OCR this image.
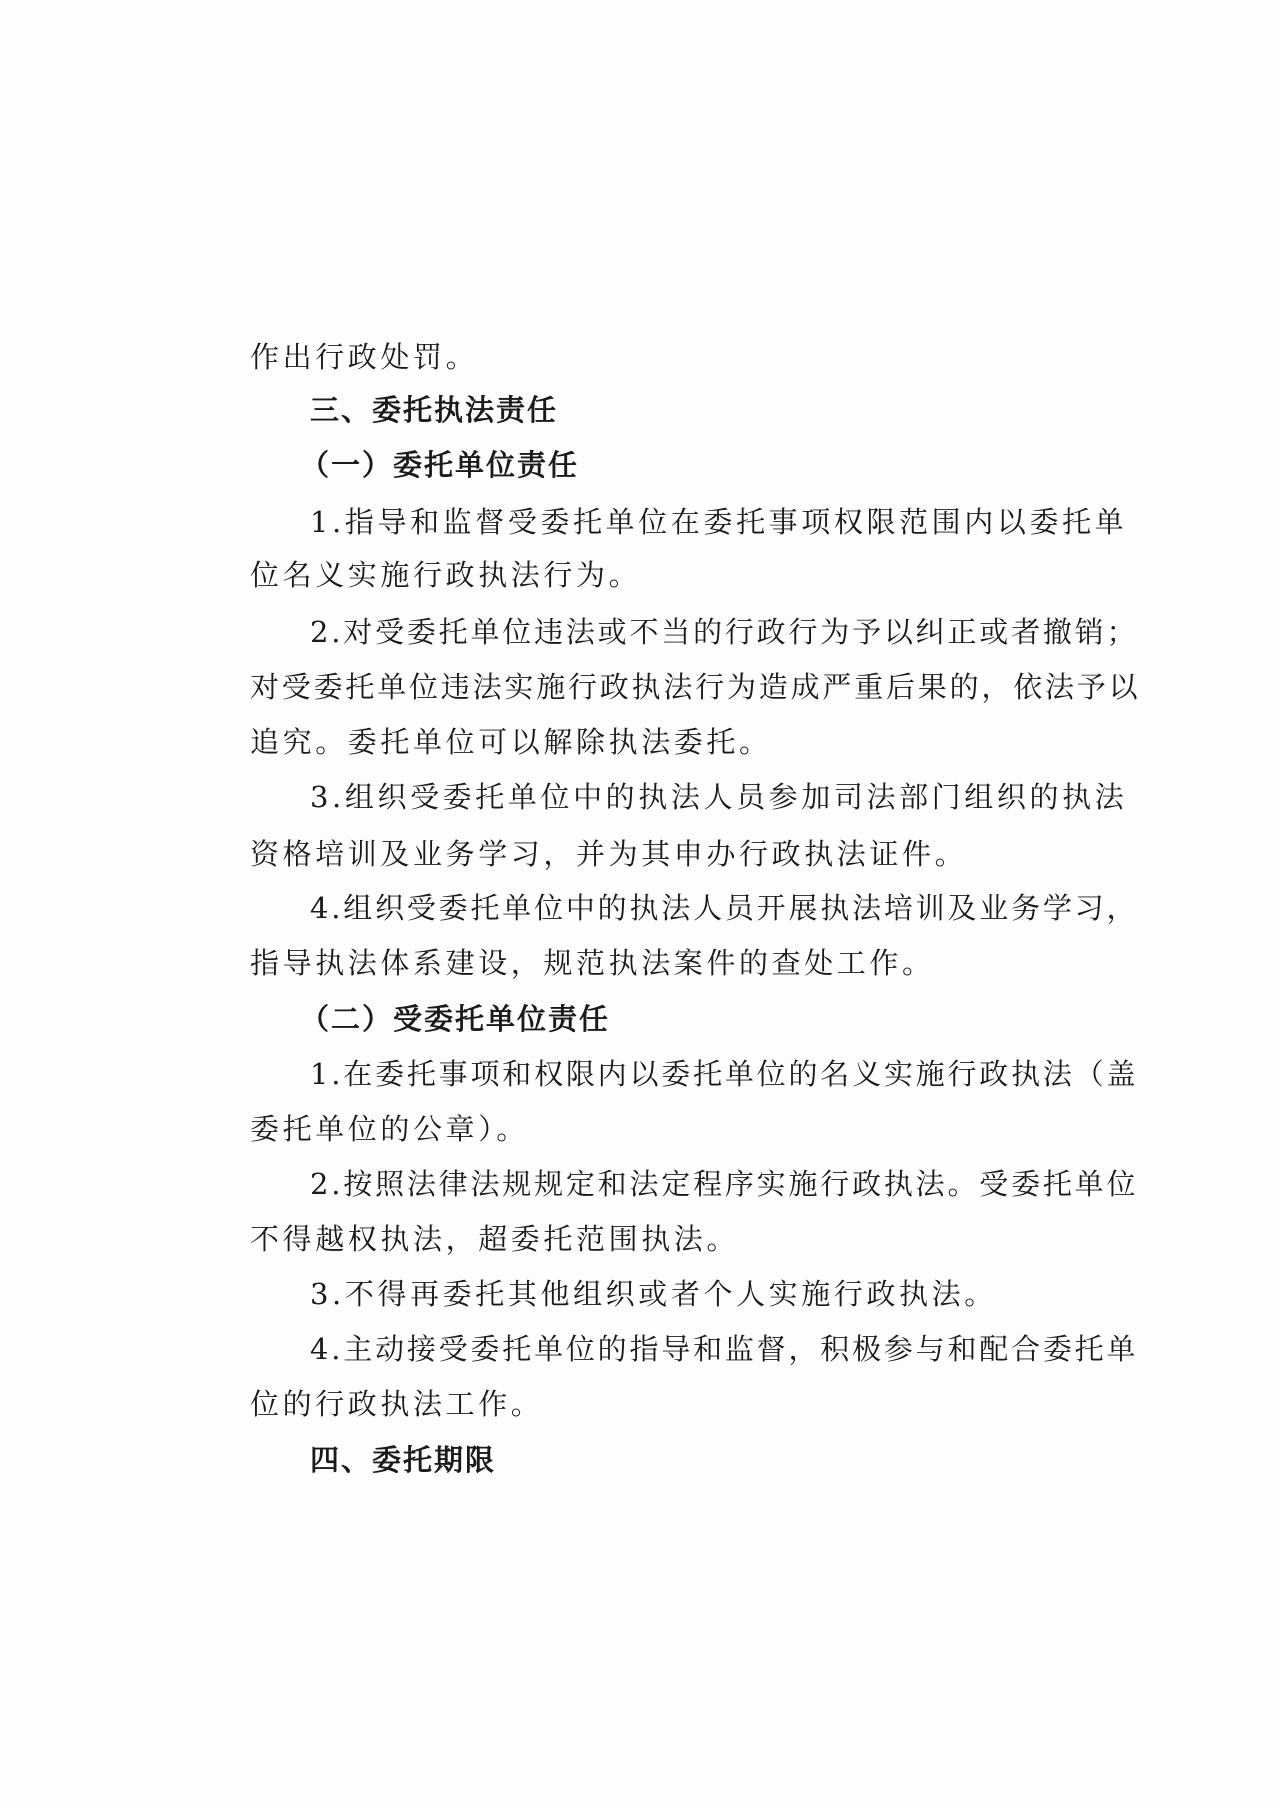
作出行政处罚。
三、委托执法责任
（一）委托单位责任
1.指导和监督受委托单位在委托事项权限范围内以委托单
位名义实施行政执法行为。
2.对受委托单位违法或不当的行政行为予以纠正或者撤销；
对受委托单位违法实施行政执法行为造成严重后果的，依法予以
追究。委托单位可以解除执法委托。
3.组织受委托单位中的执法人员参加司法部门组织的执法
资格培训及业务学习，并为其申办行政执法证件。
4.组织受委托单位中的执法人员开展执法培训及业务学习，
指导执法体系建设，规范执法案件的查处工作。
（二）受委托单位责任
1.在委托事项和权限内以委托单位的名义实施行政执法（盖
委托单位的公章）。
2.按照法律法规规定和法定程序实施行政执法。受委托单位
不得越权执法，超委托范围执法。
3.不得再委托其他组织或者个人实施行政执法。
4.主动接受委托单位的指导和监督，积极参与和配合委托单
位的行政执法工作。
四、委托期限
